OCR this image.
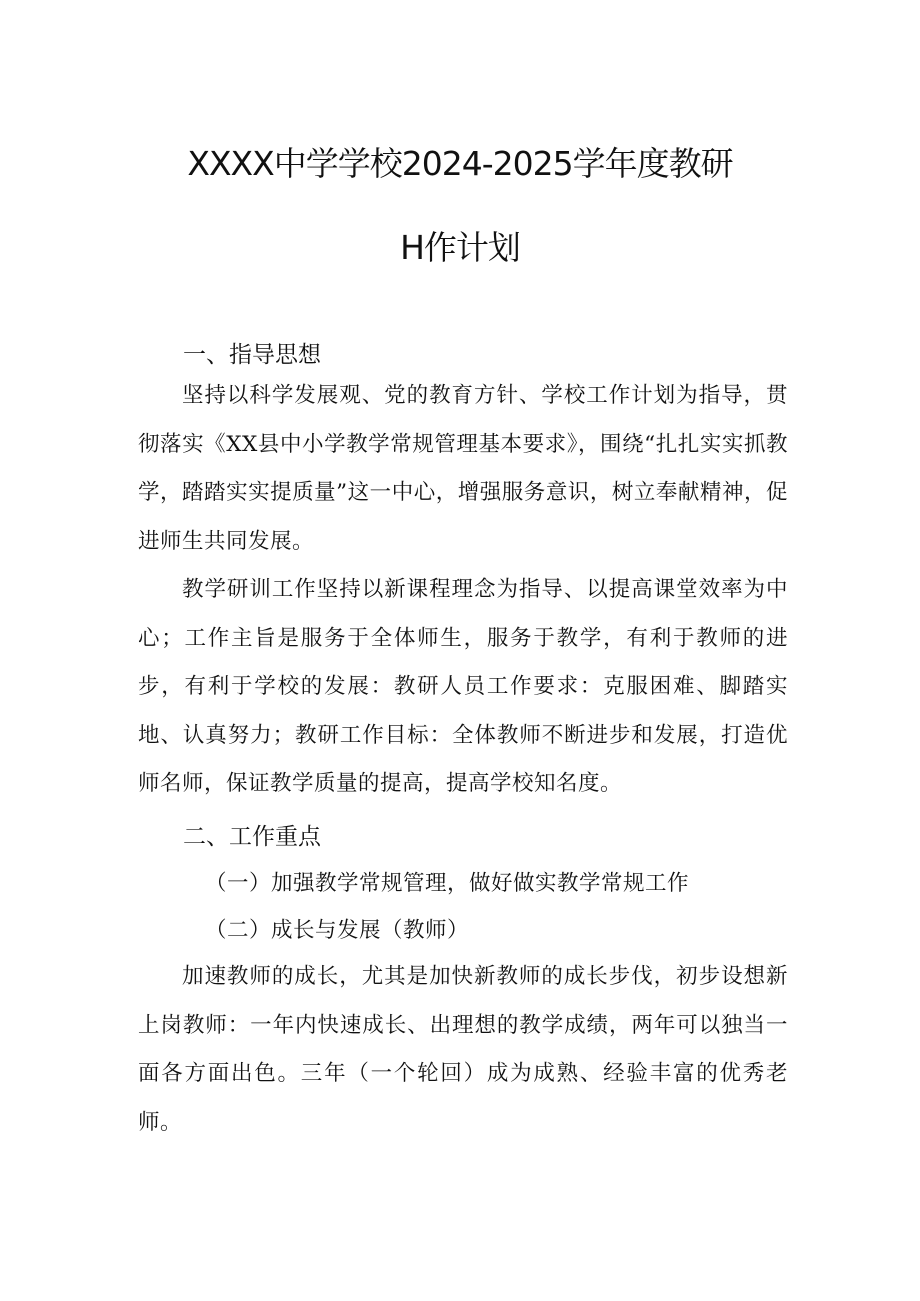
XXXX中学学校2024-2025学年度教研
H作计划
一、指导思想
坚持以科学发展观、党的教育方针、学校工作计划为指导，贯彻落实《XX县中小学教学常规管理基本要求》，围绕“扎扎实实抓教学，踏踏实实提质量”这一中心，增强服务意识，树立奉献精神，促进师生共同发展。
教学研训工作坚持以新课程理念为指导、以提高课堂效率为中心；工作主旨是服务于全体师生，服务于教学，有利于教师的进步，有利于学校的发展：教研人员工作要求：克服困难、脚踏实地、认真努力；教研工作目标：全体教师不断进步和发展，打造优师名师，保证教学质量的提高，提高学校知名度。
二、工作重点
（一）加强教学常规管理，做好做实教学常规工作
（二）成长与发展（教师）
加速教师的成长，尤其是加快新教师的成长步伐，初步设想新上岗教师：一年内快速成长、出理想的教学成绩，两年可以独当一面各方面出色。三年（一个轮回）成为成熟、经验丰富的优秀老师。
